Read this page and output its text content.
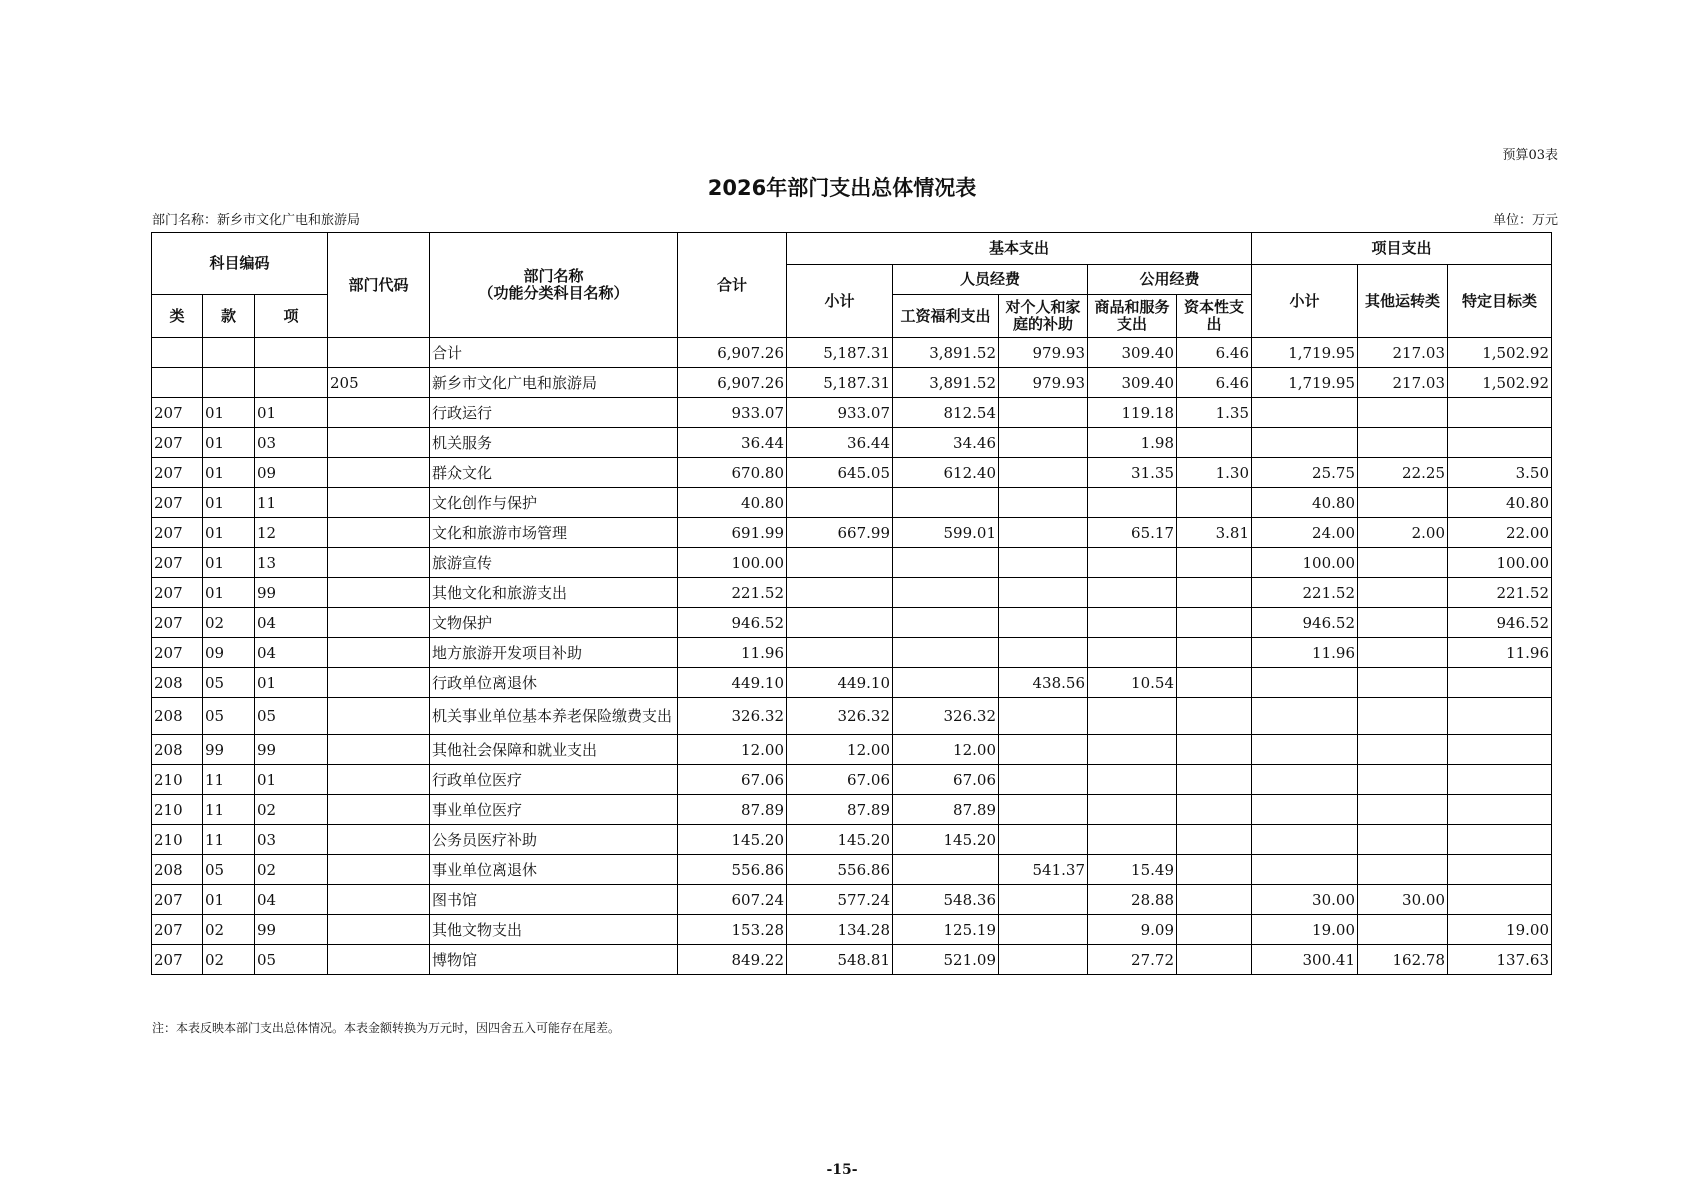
预算03表
2026年部门支出总体情况表
部门名称：新乡市文化广电和旅游局	单位：万元
科目编码			部门代码	部门名称
（功能分类科目名称）	合计	基本支出					项目支出		
						小计	人员经费		公用经费		小计	其他运转类	特定目标类
类	款	项					工资福利支出	对个人和家庭的补助	商品和服务支出	资本性支出			
				合计	6,907.26	5,187.31	3,891.52	979.93	309.40	6.46	1,719.95	217.03	1,502.92
			205	新乡市文化广电和旅游局	6,907.26	5,187.31	3,891.52	979.93	309.40	6.46	1,719.95	217.03	1,502.92
207	01	01		行政运行	933.07	933.07	812.54		119.18	1.35			
207	01	03		机关服务	36.44	36.44	34.46		1.98				
207	01	09		群众文化	670.80	645.05	612.40		31.35	1.30	25.75	22.25	3.50
207	01	11		文化创作与保护	40.80						40.80		40.80
207	01	12		文化和旅游市场管理	691.99	667.99	599.01		65.17	3.81	24.00	2.00	22.00
207	01	13		旅游宣传	100.00						100.00		100.00
207	01	99		其他文化和旅游支出	221.52						221.52		221.52
207	02	04		文物保护	946.52						946.52		946.52
207	09	04		地方旅游开发项目补助	11.96						11.96		11.96
208	05	01		行政单位离退休	449.10	449.10		438.56	10.54				
208	05	05		机关事业单位基本养老保险缴费支出	326.32	326.32	326.32						
208	99	99		其他社会保障和就业支出	12.00	12.00	12.00						
210	11	01		行政单位医疗	67.06	67.06	67.06						
210	11	02		事业单位医疗	87.89	87.89	87.89						
210	11	03		公务员医疗补助	145.20	145.20	145.20						
208	05	02		事业单位离退休	556.86	556.86		541.37	15.49				
207	01	04		图书馆	607.24	577.24	548.36		28.88		30.00	30.00	
207	02	99		其他文物支出	153.28	134.28	125.19		9.09		19.00		19.00
207	02	05		博物馆	849.22	548.81	521.09		27.72		300.41	162.78	137.63
注：本表反映本部门支出总体情况。本表金额转换为万元时，因四舍五入可能存在尾差。
-15-
